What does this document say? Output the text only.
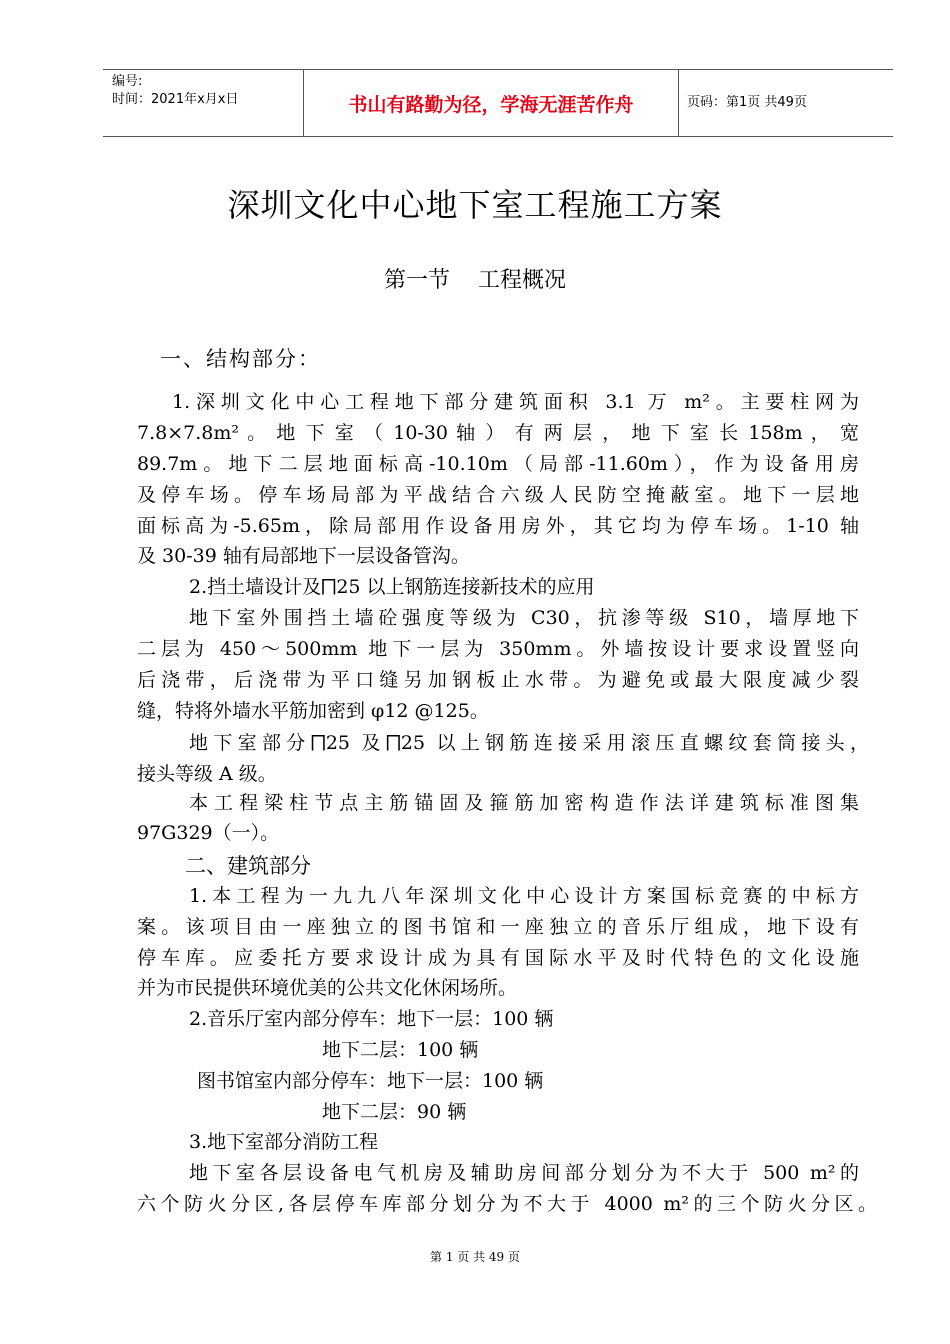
编号:
时间：2021年x月x日	书山有路勤为径，学海无涯苦作舟	页码：第1页 共49页
深圳文化中心地下室工程施工方案
第一节    工程概况
一、结构部分：
1.深圳文化中心工程地下部分建筑面积 3.1 万 m²。主要柱网为
7.8×7.8m² 。 地 下 室 （ 10-30 轴 ） 有 两 层 ， 地 下 室 长 158m ， 宽
89.7m。地下二层地面标高-10.10m（局部-11.60m），作为设备用房
及停车场。停车场局部为平战结合六级人民防空掩蔽室。地下一层地
面标高为-5.65m，除局部用作设备用房外，其它均为停车场。1-10 轴
及 30-39 轴有局部地下一层设备管沟。
2.挡土墙设计及⨅25 以上钢筋连接新技术的应用
地下室外围挡土墙砼强度等级为 C30，抗渗等级 S10，墙厚地下
二层为 450～500mm 地下一层为 350mm。外墙按设计要求设置竖向
后浇带，后浇带为平口缝另加钢板止水带。为避免或最大限度减少裂
缝，特将外墙水平筋加密到 φ12 @125。
地下室部分⨅25 及⨅25 以上钢筋连接采用滚压直螺纹套筒接头，
接头等级 A 级。
本工程梁柱节点主筋锚固及箍筋加密构造作法详建筑标准图集
97G329（一）。
二、建筑部分
1.本工程为一九九八年深圳文化中心设计方案国标竞赛的中标方
案。该项目由一座独立的图书馆和一座独立的音乐厅组成，地下设有
停车库。应委托方要求设计成为具有国际水平及时代特色的文化设施
并为市民提供环境优美的公共文化休闲场所。
2.音乐厅室内部分停车：地下一层：100 辆
地下二层：100 辆
图书馆室内部分停车：地下一层：100 辆
地下二层：90 辆
3.地下室部分消防工程
地下室各层设备电气机房及辅助房间部分划分为不大于 500 m²的
六个防火分区,各层停车库部分划分为不大于 4000 m²的三个防火分区。
第 1 页 共 49 页
